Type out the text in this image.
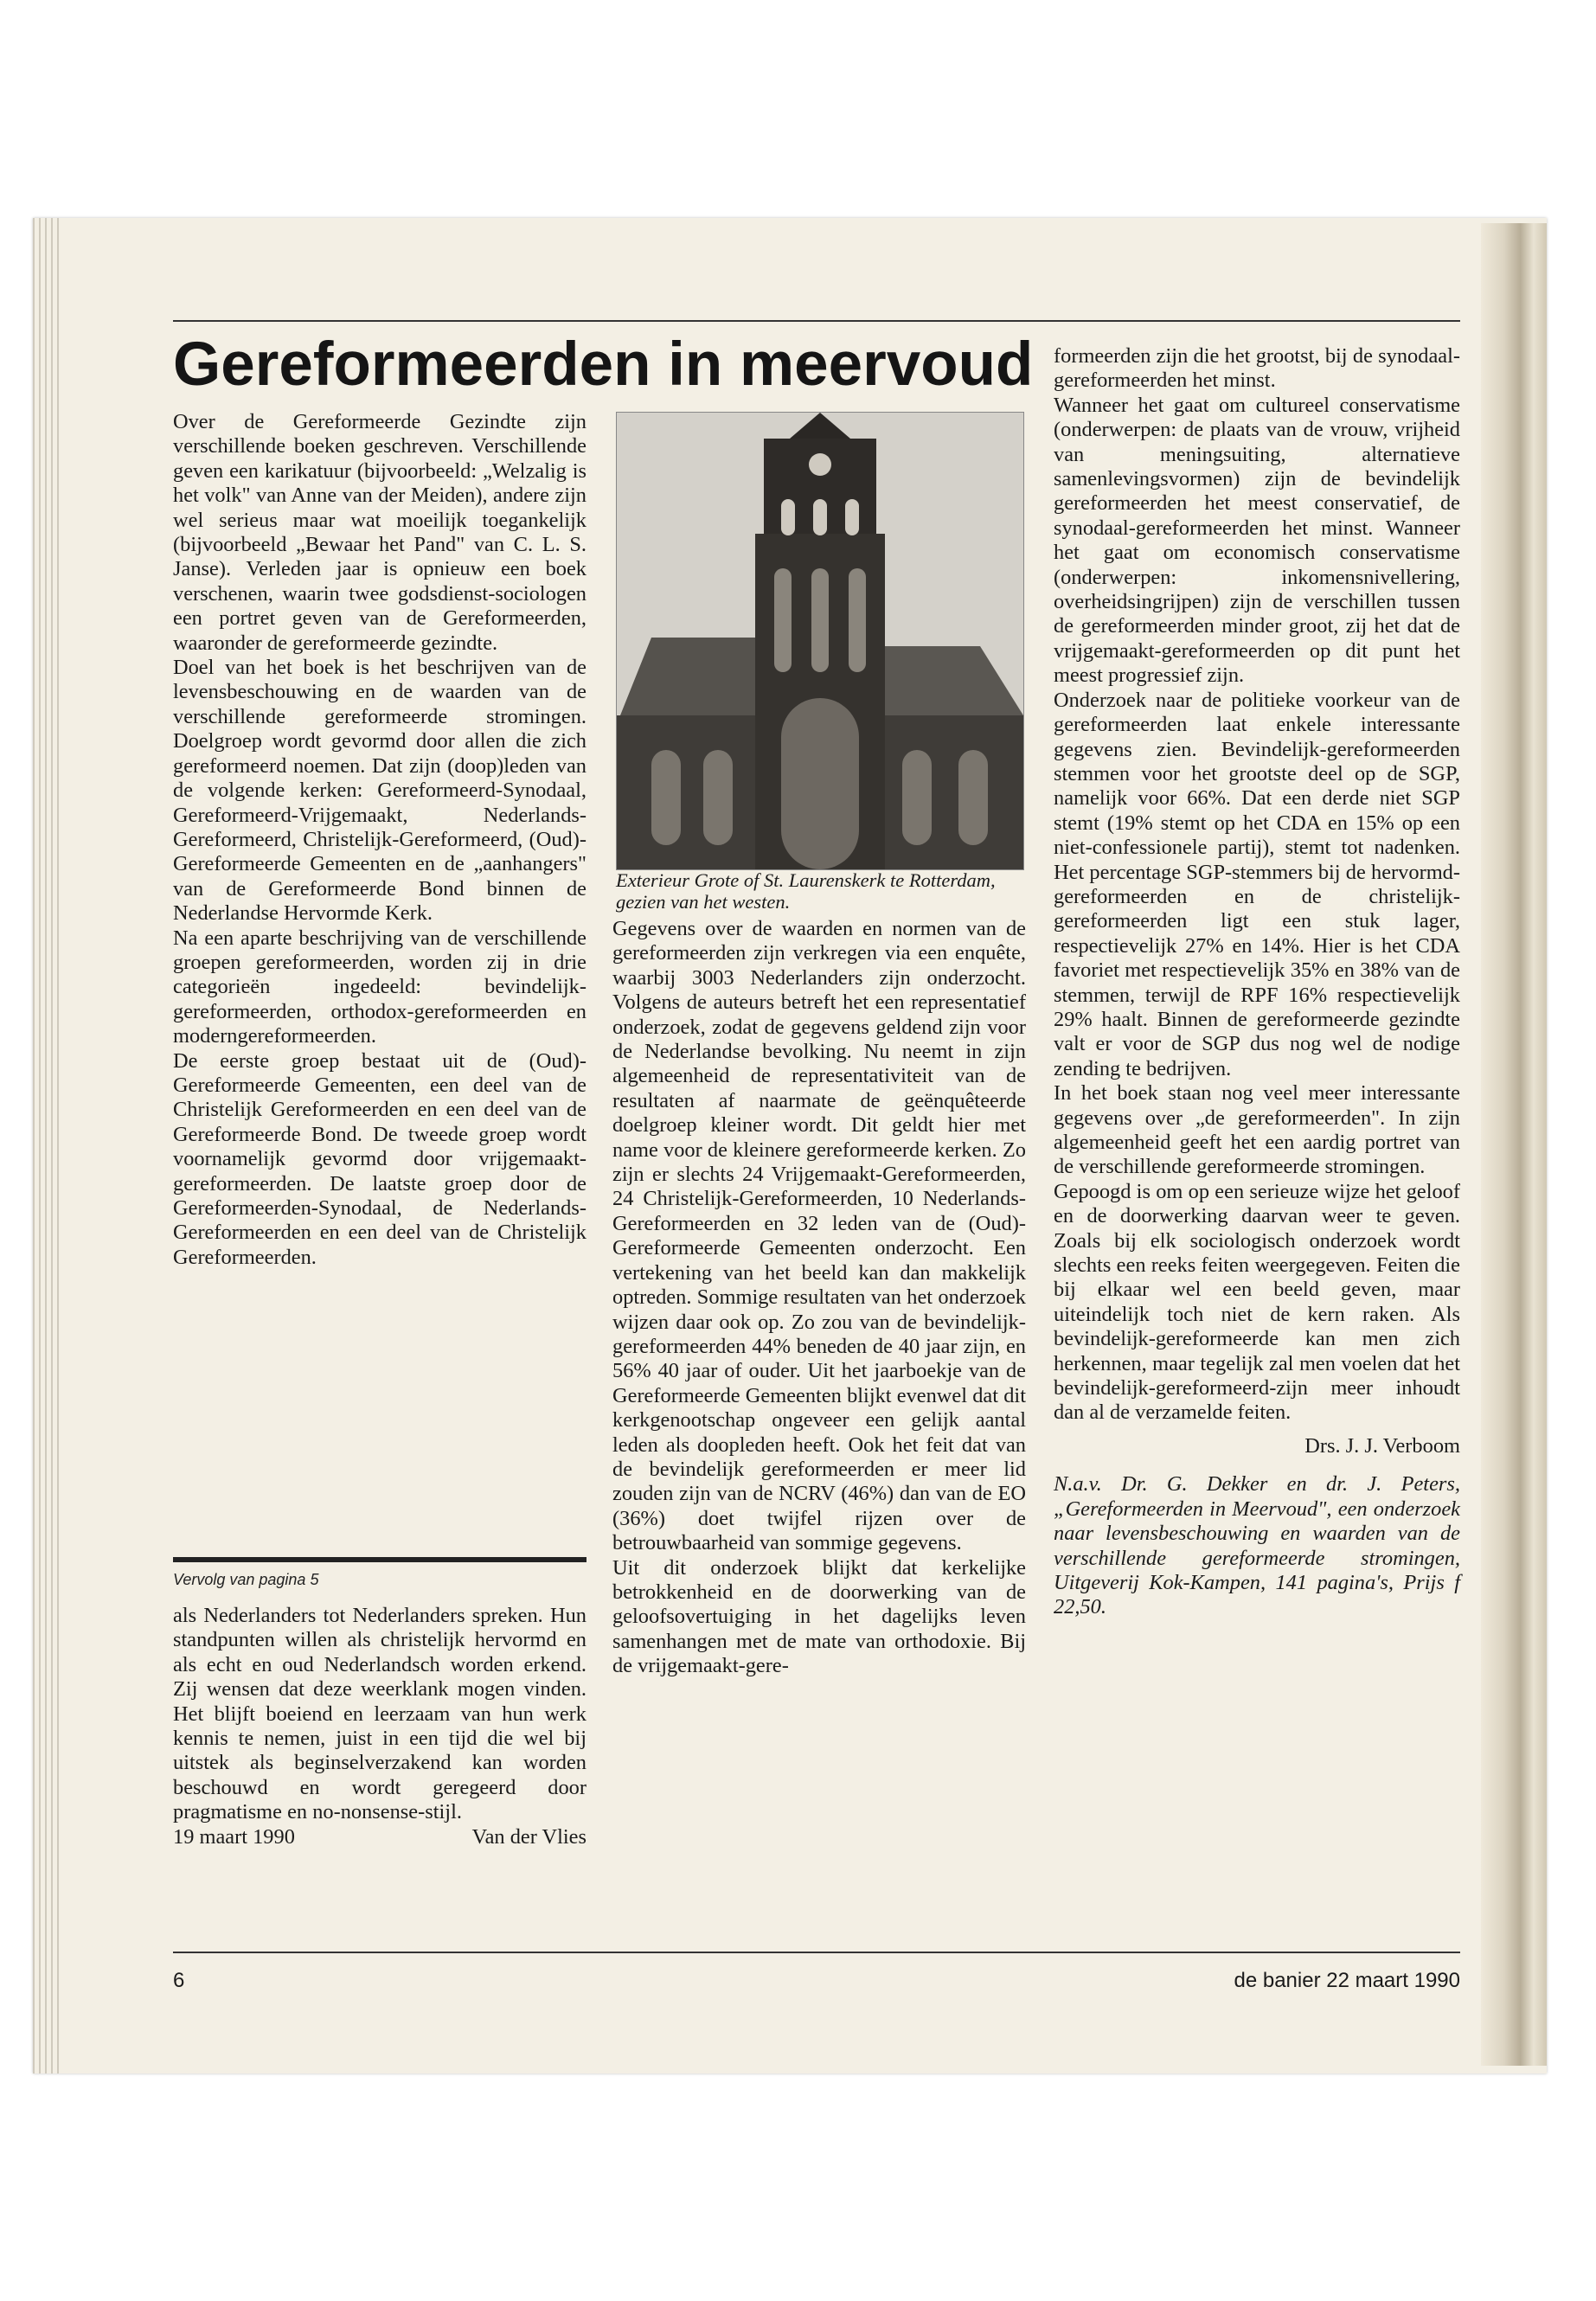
Gereformeerden in meervoud

Over de Gereformeerde Gezindte zijn verschillende boeken geschreven. Verschillende geven een karikatuur (bijvoorbeeld: „Welzalig is het volk" van Anne van der Meiden), andere zijn wel serieus maar wat moeilijk toegankelijk (bijvoorbeeld „Bewaar het Pand" van C. L. S. Janse). Verleden jaar is opnieuw een boek verschenen, waarin twee godsdienst-sociologen een portret geven van de Gereformeerden, waaronder de gereformeerde gezindte.

Doel van het boek is het beschrijven van de levensbeschouwing en de waarden van de verschillende gereformeerde stromingen. Doelgroep wordt gevormd door allen die zich gereformeerd noemen. Dat zijn (doop)leden van de volgende kerken: Gereformeerd-Synodaal, Gereformeerd-Vrijgemaakt, Nederlands-Gereformeerd, Christelijk-Gereformeerd, (Oud)-Gereformeerde Gemeenten en de „aanhangers" van de Gereformeerde Bond binnen de Nederlandse Hervormde Kerk.

Na een aparte beschrijving van de verschillende groepen gereformeerden, worden zij in drie categorieën ingedeeld: bevindelijk-gereformeerden, orthodox-gereformeerden en moderngereformeerden.

De eerste groep bestaat uit de (Oud)-Gereformeerde Gemeenten, een deel van de Christelijk Gereformeerden en een deel van de Gereformeerde Bond. De tweede groep wordt voornamelijk gevormd door vrijgemaakt-gereformeerden. De laatste groep door de Gereformeerden-Synodaal, de Nederlands-Gereformeerden en een deel van de Christelijk Gereformeerden.

Vervolg van pagina 5

als Nederlanders tot Nederlanders spreken. Hun standpunten willen als christelijk hervormd en als echt en oud Nederlandsch worden erkend. Zij wensen dat deze weerklank mogen vinden. Het blijft boeiend en leerzaam van hun werk kennis te nemen, juist in een tijd die wel bij uitstek als beginselverzakend kan worden beschouwd en wordt geregeerd door pragmatisme en no-nonsense-stijl.

19 maart 1990	Van der Vlies

Exterieur Grote of St. Laurenskerk te Rotterdam, gezien van het westen.

Gegevens over de waarden en normen van de gereformeerden zijn verkregen via een enquête, waarbij 3003 Nederlanders zijn onderzocht. Volgens de auteurs betreft het een representatief onderzoek, zodat de gegevens geldend zijn voor de Nederlandse bevolking. Nu neemt in zijn algemeenheid de representativiteit van de resultaten af naarmate de geënquêteerde doelgroep kleiner wordt. Dit geldt hier met name voor de kleinere gereformeerde kerken. Zo zijn er slechts 24 Vrijgemaakt-Gereformeerden, 24 Christelijk-Gereformeerden, 10 Nederlands-Gereformeerden en 32 leden van de (Oud)-Gereformeerde Gemeenten onderzocht. Een vertekening van het beeld kan dan makkelijk optreden. Sommige resultaten van het onderzoek wijzen daar ook op. Zo zou van de bevindelijk-gereformeerden 44% beneden de 40 jaar zijn, en 56% 40 jaar of ouder. Uit het jaarboekje van de Gereformeerde Gemeenten blijkt evenwel dat dit kerkgenootschap ongeveer een gelijk aantal leden als doopleden heeft. Ook het feit dat van de bevindelijk gereformeerden er meer lid zouden zijn van de NCRV (46%) dan van de EO (36%) doet twijfel rijzen over de betrouwbaarheid van sommige gegevens.

Uit dit onderzoek blijkt dat kerkelijke betrokkenheid en de doorwerking van de geloofsovertuiging in het dagelijks leven samenhangen met de mate van orthodoxie. Bij de vrijgemaakt-gere-

formeerden zijn die het grootst, bij de synodaal-gereformeerden het minst.

Wanneer het gaat om cultureel conservatisme (onderwerpen: de plaats van de vrouw, vrijheid van meningsuiting, alternatieve samenlevingsvormen) zijn de bevindelijk gereformeerden het meest conservatief, de synodaal-gereformeerden het minst. Wanneer het gaat om economisch conservatisme (onderwerpen: inkomensnivellering, overheidsingrijpen) zijn de verschillen tussen de gereformeerden minder groot, zij het dat de vrijgemaakt-gereformeerden op dit punt het meest progressief zijn.

Onderzoek naar de politieke voorkeur van de gereformeerden laat enkele interessante gegevens zien. Bevindelijk-gereformeerden stemmen voor het grootste deel op de SGP, namelijk voor 66%. Dat een derde niet SGP stemt (19% stemt op het CDA en 15% op een niet-confessionele partij), stemt tot nadenken. Het percentage SGP-stemmers bij de hervormd-gereformeerden en de christelijk-gereformeerden ligt een stuk lager, respectievelijk 27% en 14%. Hier is het CDA favoriet met respectievelijk 35% en 38% van de stemmen, terwijl de RPF 16% respectievelijk 29% haalt. Binnen de gereformeerde gezindte valt er voor de SGP dus nog wel de nodige zending te bedrijven.

In het boek staan nog veel meer interessante gegevens over „de gereformeerden". In zijn algemeenheid geeft het een aardig portret van de verschillende gereformeerde stromingen.

Gepoogd is om op een serieuze wijze het geloof en de doorwerking daarvan weer te geven. Zoals bij elk sociologisch onderzoek wordt slechts een reeks feiten weergegeven. Feiten die bij elkaar wel een beeld geven, maar uiteindelijk toch niet de kern raken. Als bevindelijk-gereformeerde kan men zich herkennen, maar tegelijk zal men voelen dat het bevindelijk-gereformeerd-zijn meer inhoudt dan al de verzamelde feiten.

Drs. J. J. Verboom

N.a.v. Dr. G. Dekker en dr. J. Peters, „Gereformeerden in Meervoud", een onderzoek naar levensbeschouwing en waarden van de verschillende gereformeerde stromingen, Uitgeverij Kok-Kampen, 141 pagina's, Prijs f 22,50.

6	de banier 22 maart 1990
